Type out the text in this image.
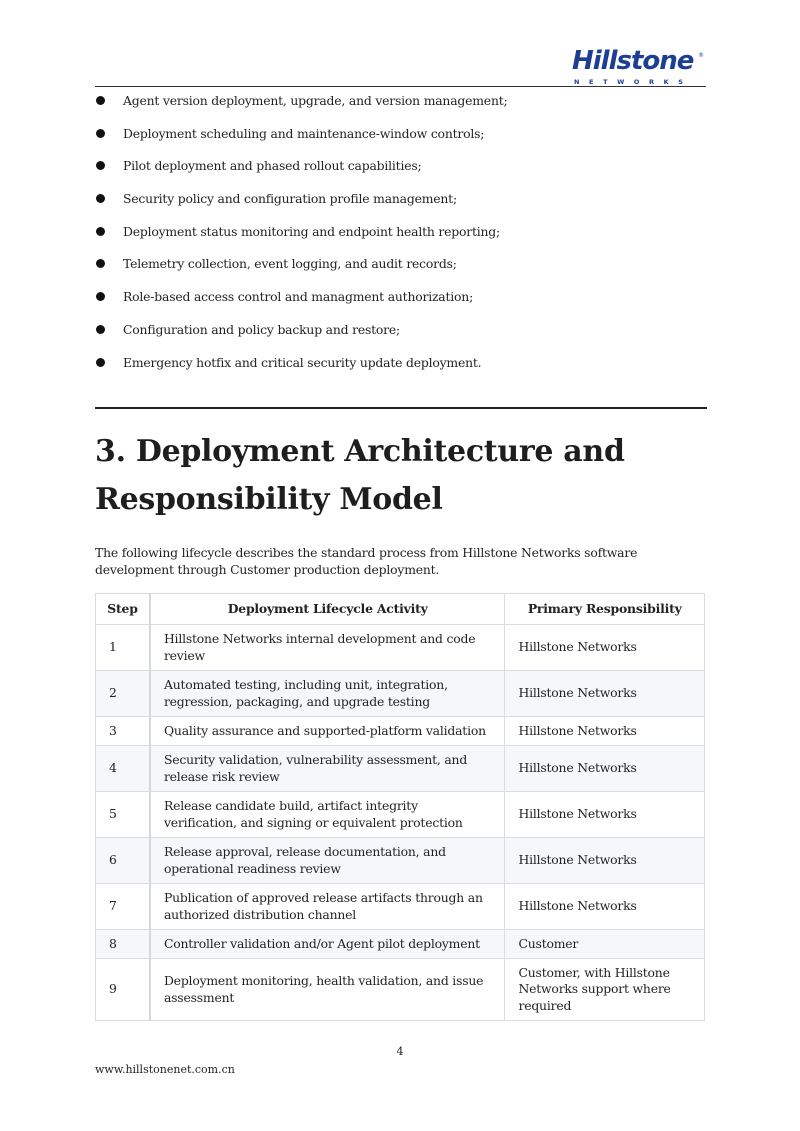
Hillstone ®
NETWORKS
Agent version deployment, upgrade, and version management;
Deployment scheduling and maintenance-window controls;
Pilot deployment and phased rollout capabilities;
Security policy and configuration profile management;
Deployment status monitoring and endpoint health reporting;
Telemetry collection, event logging, and audit records;
Role-based access control and managment authorization;
Configuration and policy backup and restore;
Emergency hotfix and critical security update deployment.
3. Deployment Architecture and Responsibility Model

The following lifecycle describes the standard process from Hillstone Networks software development through Customer production deployment.

Step	Deployment Lifecycle Activity	Primary Responsibility
1	Hillstone Networks internal development and code review	Hillstone Networks
2	Automated testing, including unit, integration, regression, packaging, and upgrade testing	Hillstone Networks
3	Quality assurance and supported-platform validation	Hillstone Networks
4	Security validation, vulnerability assessment, and release risk review	Hillstone Networks
5	Release candidate build, artifact integrity verification, and signing or equivalent protection	Hillstone Networks
6	Release approval, release documentation, and operational readiness review	Hillstone Networks
7	Publication of approved release artifacts through an authorized distribution channel	Hillstone Networks
8	Controller validation and/or Agent pilot deployment	Customer
9	Deployment monitoring, health validation, and issue assessment	Customer, with Hillstone Networks support where required
4
www.hillstonenet.com.cn
